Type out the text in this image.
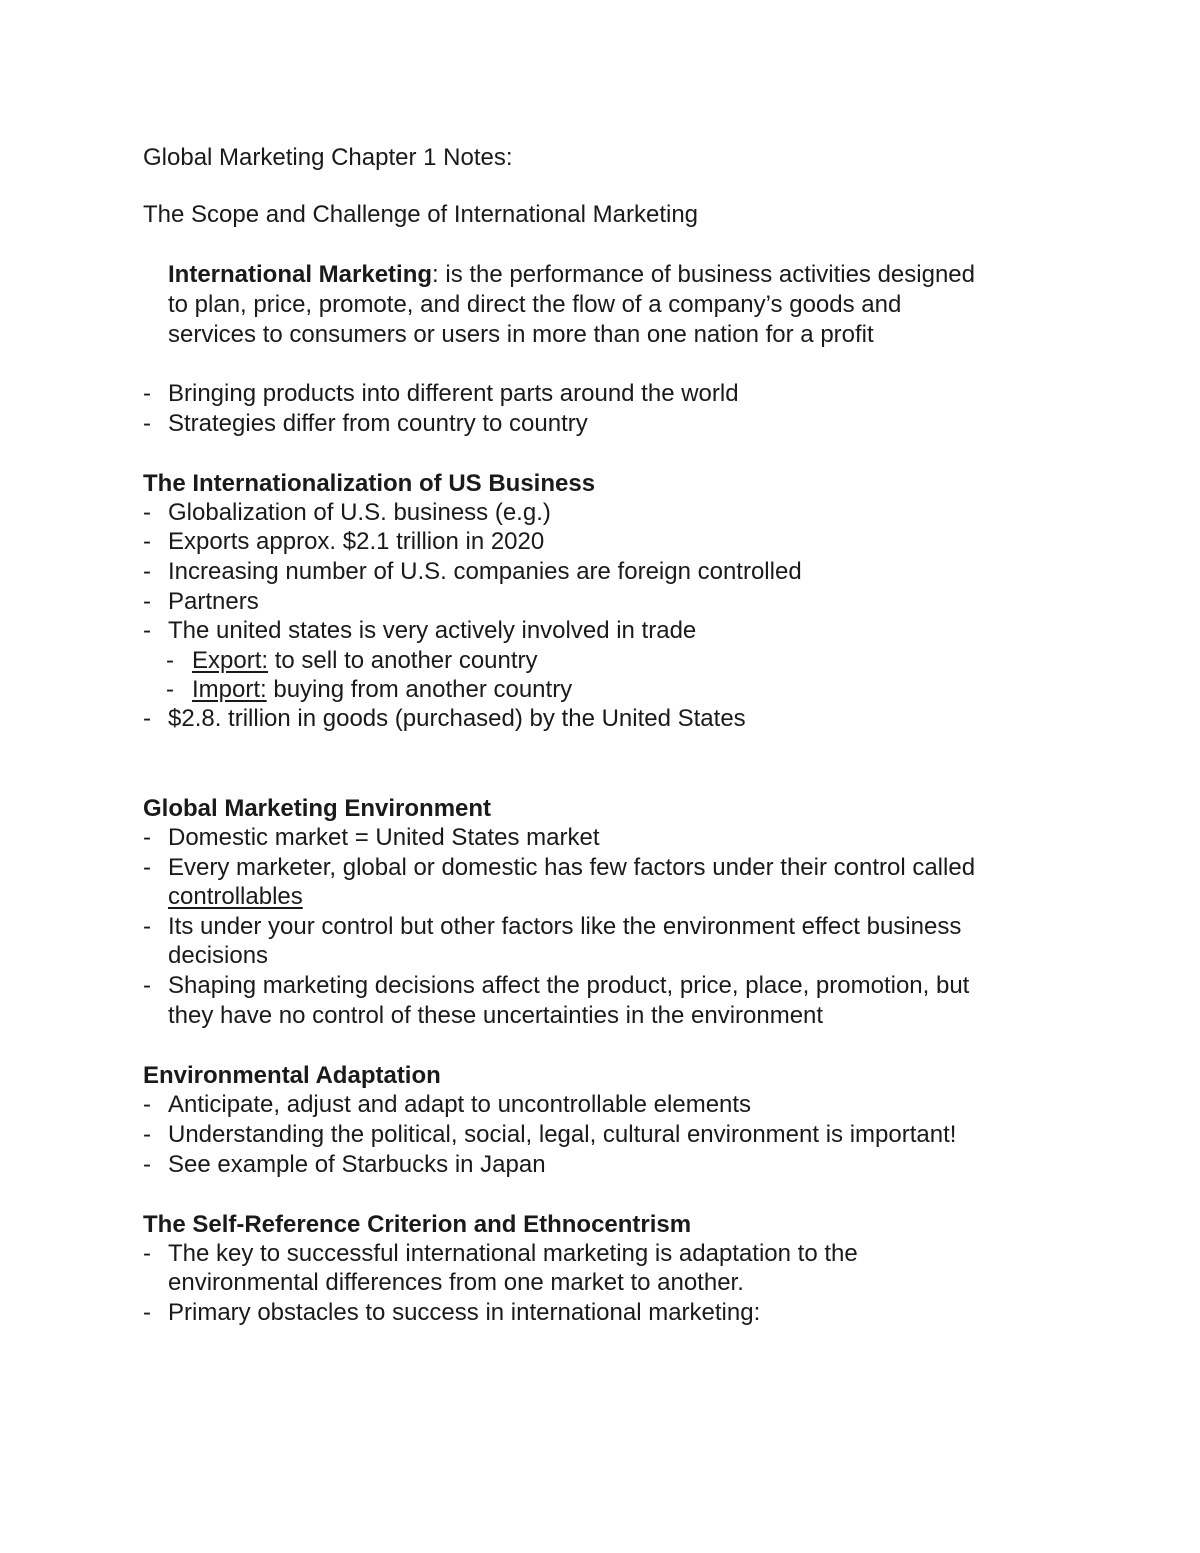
Global Marketing Chapter 1 Notes:
The Scope and Challenge of International Marketing
International Marketing: is the performance of business activities designed
to plan, price, promote, and direct the flow of a company’s goods and
services to consumers or users in more than one nation for a profit
- Bringing products into different parts around the world
- Strategies differ from country to country
The Internationalization of US Business
- Globalization of U.S. business (e.g.)
- Exports approx. $2.1 trillion in 2020
- Increasing number of U.S. companies are foreign controlled
- Partners
- The united states is very actively involved in trade
- Export: to sell to another country
- Import: buying from another country
- $2.8. trillion in goods (purchased) by the United States
Global Marketing Environment
- Domestic market = United States market
- Every marketer, global or domestic has few factors under their control called
controllables
- Its under your control but other factors like the environment effect business
decisions
- Shaping marketing decisions affect the product, price, place, promotion, but
they have no control of these uncertainties in the environment
Environmental Adaptation
- Anticipate, adjust and adapt to uncontrollable elements
- Understanding the political, social, legal, cultural environment is important!
- See example of Starbucks in Japan
The Self-Reference Criterion and Ethnocentrism
- The key to successful international marketing is adaptation to the
environmental differences from one market to another.
- Primary obstacles to success in international marketing:
